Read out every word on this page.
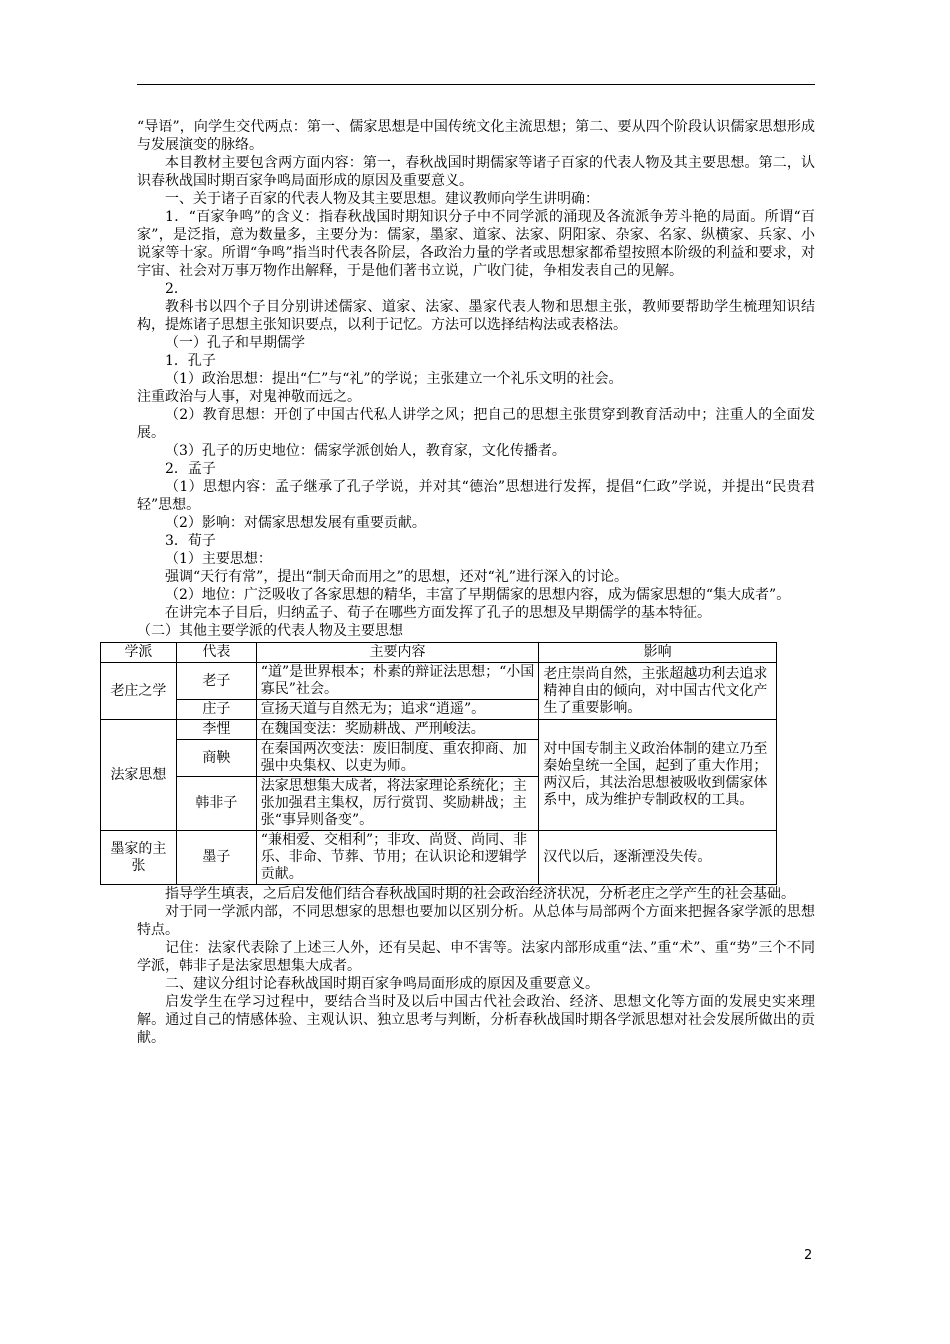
“导语”，向学生交代两点：第一、儒家思想是中国传统文化主流思想；第二、要从四个阶段认识儒家思想形成与发展演变的脉络。

本目教材主要包含两方面内容：第一，春秋战国时期儒家等诸子百家的代表人物及其主要思想。第二，认识春秋战国时期百家争鸣局面形成的原因及重要意义。

一、关于诸子百家的代表人物及其主要思想。建议教师向学生讲明确：

1．“百家争鸣”的含义：指春秋战国时期知识分子中不同学派的涌现及各流派争芳斗艳的局面。所谓“百家”，是泛指，意为数量多，主要分为：儒家，墨家、道家、法家、阴阳家、杂家、名家、纵横家、兵家、小说家等十家。所谓“争鸣”指当时代表各阶层，各政治力量的学者或思想家都希望按照本阶级的利益和要求，对宇宙、社会对万事万物作出解释，于是他们著书立说，广收门徒，争相发表自己的见解。

2．

教科书以四个子目分别讲述儒家、道家、法家、墨家代表人物和思想主张，教师要帮助学生梳理知识结构，提炼诸子思想主张知识要点，以利于记忆。方法可以选择结构法或表格法。

（一）孔子和早期儒学

1．孔子

（1）政治思想：提出“仁”与“礼”的学说；主张建立一个礼乐文明的社会。

注重政治与人事，对鬼神敬而远之。

（2）教育思想：开创了中国古代私人讲学之风；把自己的思想主张贯穿到教育活动中；注重人的全面发展。

（3）孔子的历史地位：儒家学派创始人，教育家，文化传播者。

2．孟子

（1）思想内容：孟子继承了孔子学说，并对其“德治”思想进行发挥，提倡“仁政”学说，并提出“民贵君轻”思想。

（2）影响：对儒家思想发展有重要贡献。

3．荀子

（1）主要思想：

强调“天行有常”，提出“制天命而用之”的思想，还对“礼”进行深入的讨论。

（2）地位：广泛吸收了各家思想的精华，丰富了早期儒家的思想内容，成为儒家思想的“集大成者”。

在讲完本子目后，归纳孟子、荀子在哪些方面发挥了孔子的思想及早期儒学的基本特征。

（二）其他主要学派的代表人物及主要思想

学派	代表	主要内容	影响
老庄之学	老子	“道”是世界根本；朴素的辩证法思想；“小国寡民”社会。	老庄崇尚自然，主张超越功利去追求精神自由的倾向，对中国古代文化产生了重要影响。
	庄子	宣扬天道与自然无为；追求“逍遥”。	
法家思想	李悝	在魏国变法：奖励耕战、严刑峻法。	对中国专制主义政治体制的建立乃至秦始皇统一全国，起到了重大作用；两汉后，其法治思想被吸收到儒家体系中，成为维护专制政权的工具。
	商鞅	在秦国两次变法：废旧制度、重农抑商、加强中央集权、以吏为师。	
	韩非子	法家思想集大成者，将法家理论系统化；主张加强君主集权，厉行赏罚、奖励耕战；主张“事异则备变”。	
墨家的主张	墨子	“兼相爱、交相利”；非攻、尚贤、尚同、非乐、非命、节葬、节用；在认识论和逻辑学贡献。	汉代以后，逐渐湮没失传。

指导学生填表，之后启发他们结合春秋战国时期的社会政治经济状况，分析老庄之学产生的社会基础。

对于同一学派内部，不同思想家的思想也要加以区别分析。从总体与局部两个方面来把握各家学派的思想特点。

记住：法家代表除了上述三人外，还有吴起、申不害等。法家内部形成重“法、”重“术”、重“势”三个不同学派，韩非子是法家思想集大成者。

二、建议分组讨论春秋战国时期百家争鸣局面形成的原因及重要意义。

启发学生在学习过程中，要结合当时及以后中国古代社会政治、经济、思想文化等方面的发展史实来理解。通过自己的情感体验、主观认识、独立思考与判断，分析春秋战国时期各学派思想对社会发展所做出的贡献。

2
